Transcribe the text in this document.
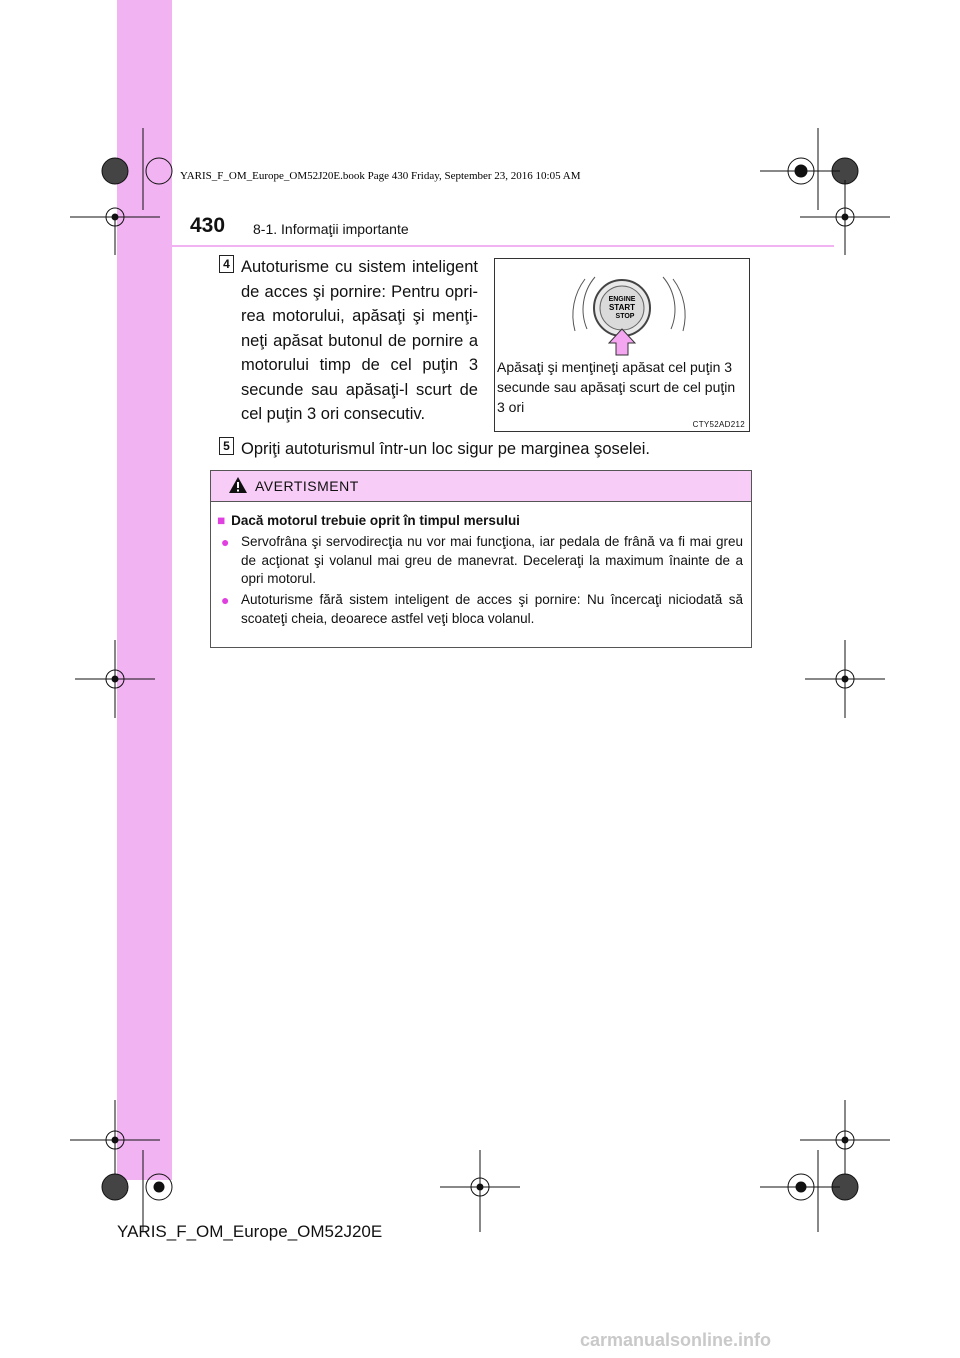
YARIS_F_OM_Europe_OM52J20E.book Page 430 Friday, September 23, 2016 10:05 AM
430 8-1. Informaţii importante
4 Autoturisme cu sistem inteligent de acces şi pornire: Pentru oprirea motorului, apăsaţi şi menţineţi apăsat butonul de pornire a motorului timp de cel puţin 3 secunde sau apăsaţi-l scurt de cel puţin 3 ori consecutiv.
ENGINE
START
STOP
Apăsaţi şi menţineţi apăsat cel puţin 3 secunde sau apăsaţi scurt de cel puţin 3 ori
CTY52AD212
5 Opriţi autoturismul într-un loc sigur pe marginea şoselei.
AVERTISMENT
■ Dacă motorul trebuie oprit în timpul mersului
● Servofrâna şi servodirecţia nu vor mai funcţiona, iar pedala de frână va fi mai greu de acţionat şi volanul mai greu de manevrat. Deceleraţi la maximum înainte de a opri motorul.
● Autoturisme fără sistem inteligent de acces şi pornire: Nu încercaţi niciodată să scoateţi cheia, deoarece astfel veţi bloca volanul.
YARIS_F_OM_Europe_OM52J20E
carmanualsonline.info
